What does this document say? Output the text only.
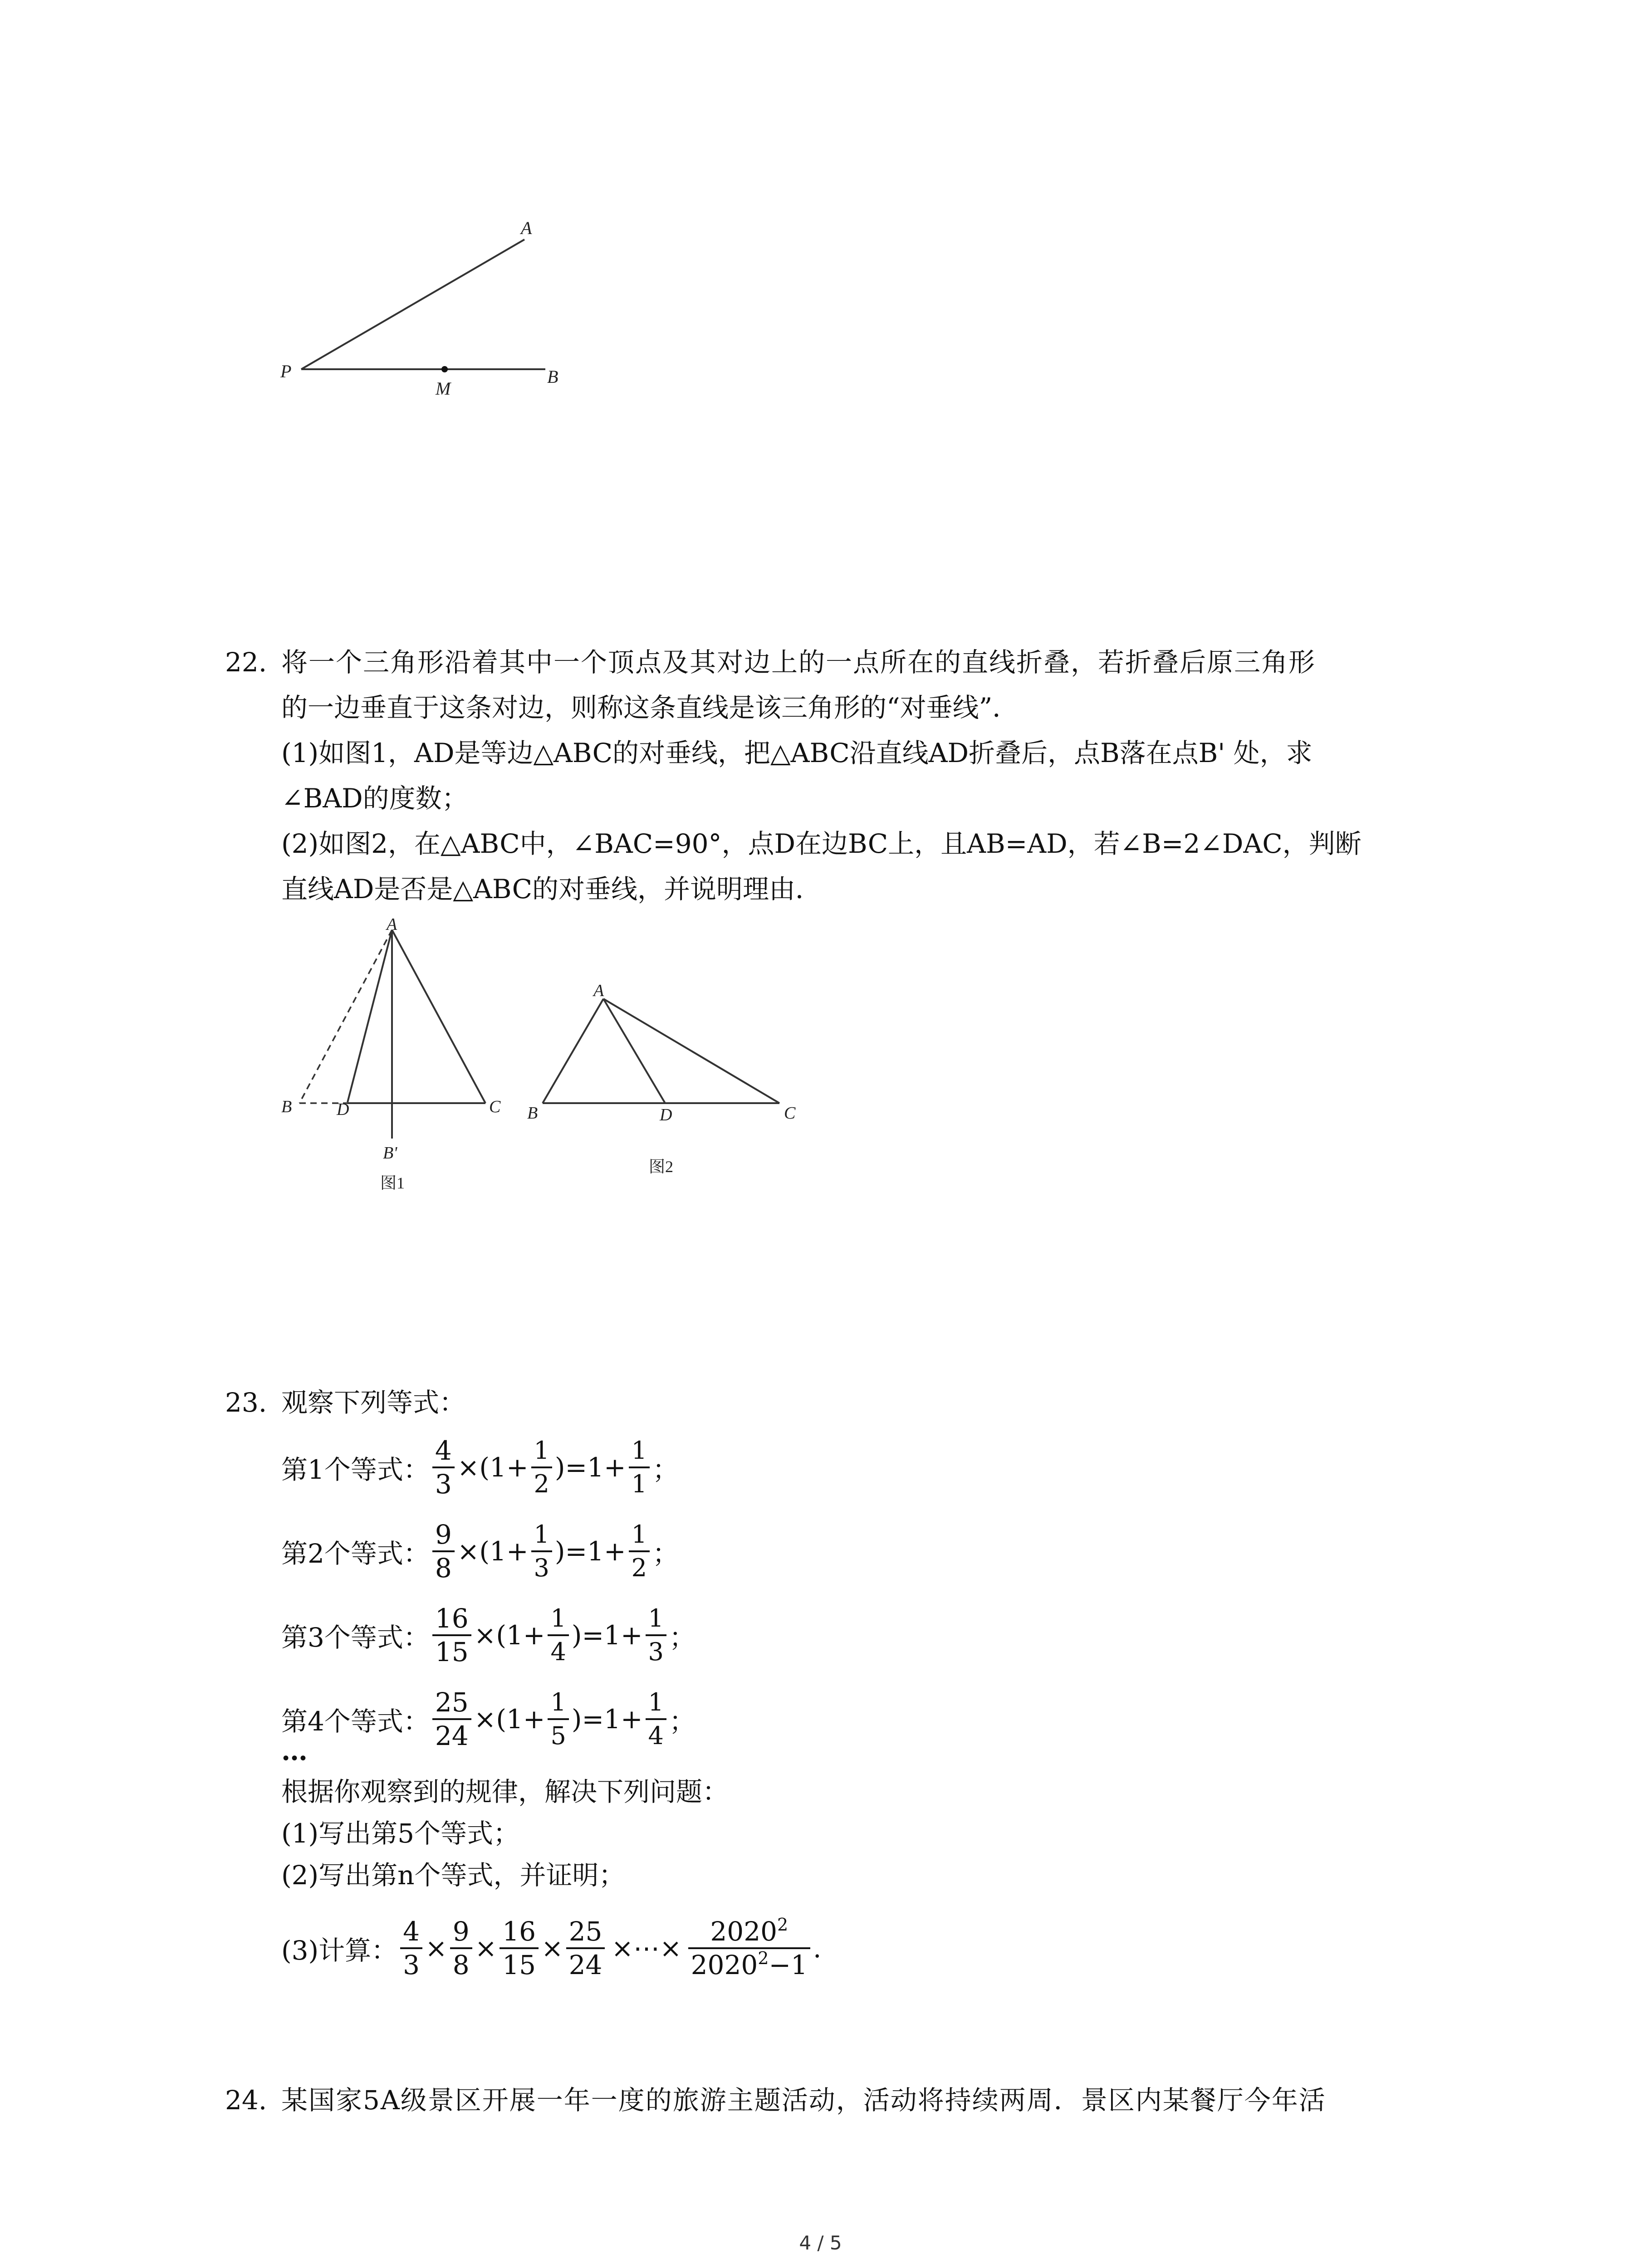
A
P
M
B
22. 将一个三角形沿着其中一个顶点及其对边上的一点所在的直线折叠，若折叠后原三角形
的一边垂直于这条对边，则称这条直线是该三角形的“对垂线”．
(1)如图1，AD是等边△ABC的对垂线，把△ABC沿直线AD折叠后，点B落在点B' 处，求
∠BAD的度数；
(2)如图2，在△ABC中，∠BAC=90°，点D在边BC上，且AB=AD，若∠B=2∠DAC，判断
直线AD是否是△ABC的对垂线，并说明理由．
A
B	D	C
B'
图1
A
B	D	C
图2
23. 观察下列等式：
第1个等式： $\frac{4}{3} \times(1+ \frac{1}{2} )=1+ \frac{1}{1}$ ；
第2个等式： $\frac{9}{8} \times(1+ \frac{1}{3} )=1+ \frac{1}{2}$ ；
第3个等式： $\frac{16}{15} \times(1+ \frac{1}{4} )=1+ \frac{1}{3}$ ；
第4个等式： $\frac{25}{24} \times(1+ \frac{1}{5} )=1+ \frac{1}{4}$ ；
…
根据你观察到的规律，解决下列问题：
(1)写出第5个等式；
(2)写出第n个等式，并证明；
(3)计算： $\frac{4}{3} \times \frac{9}{8} \times \frac{16}{15} \times \frac{25}{24}$ ×⋯× $\frac{2020^2}{2020^2-1}$ .
24. 某国家5A级景区开展一年一度的旅游主题活动，活动将持续两周．景区内某餐厅今年活
4 / 5
